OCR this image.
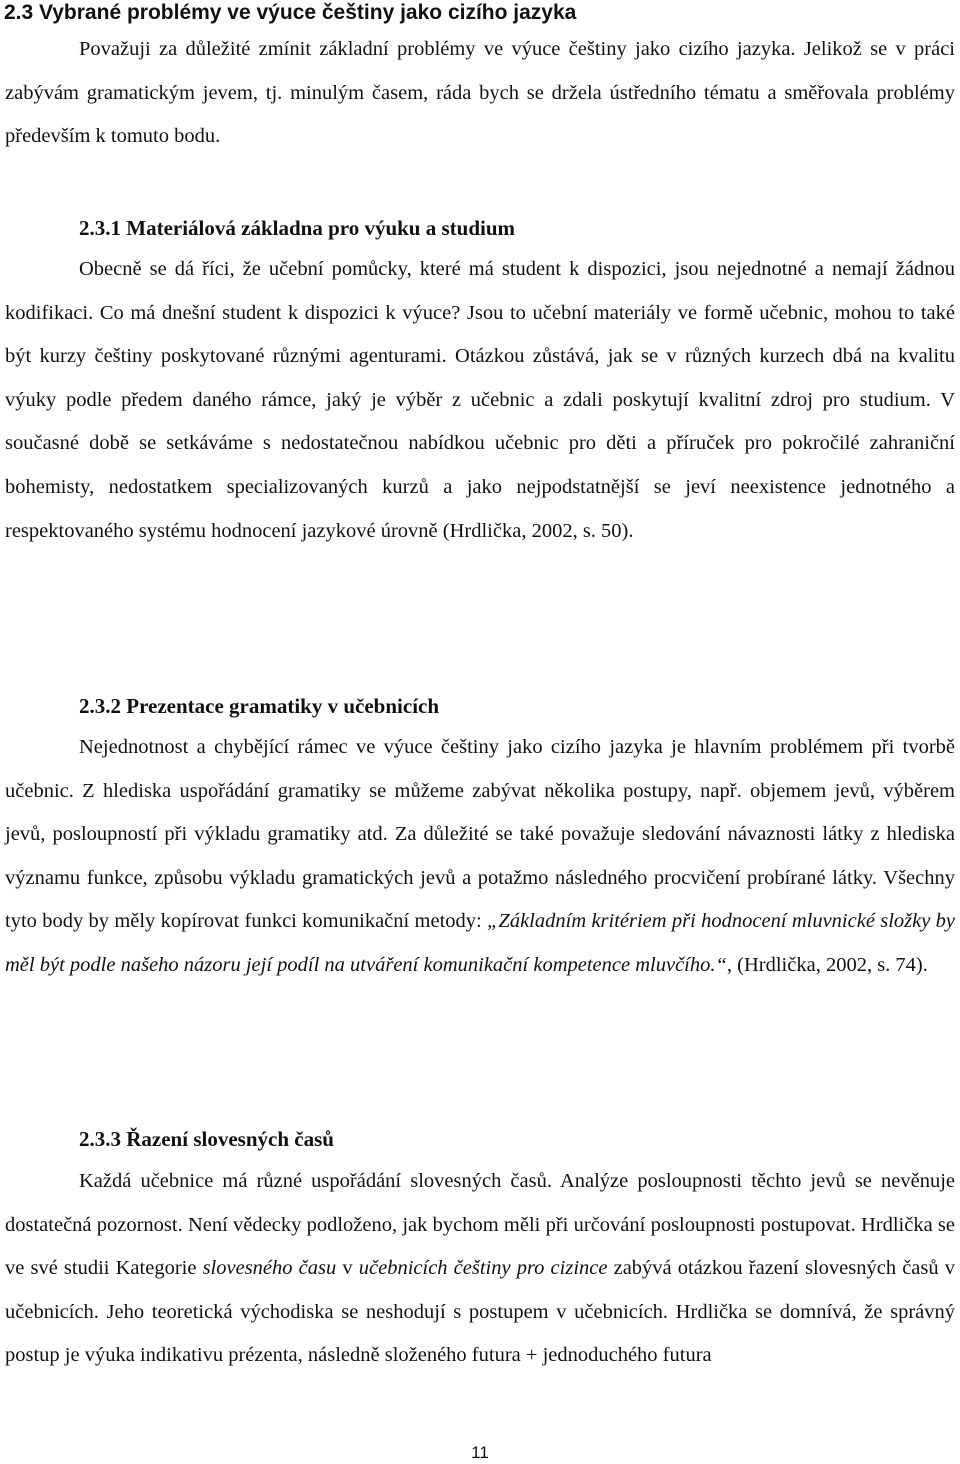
2.3 Vybrané problémy ve výuce češtiny jako cizího jazyka

Považuji za důležité zmínit základní problémy ve výuce češtiny jako cizího jazyka. Jelikož se v práci zabývám gramatickým jevem, tj. minulým časem, ráda bych se držela ústředního tématu a směřovala problémy především k tomuto bodu.

2.3.1 Materiálová základna pro výuku a studium

Obecně se dá říci, že učební pomůcky, které má student k dispozici, jsou nejednotné a nemají žádnou kodifikaci. Co má dnešní student k dispozici k výuce? Jsou to učební materiály ve formě učebnic, mohou to také být kurzy češtiny poskytované různými agenturami. Otázkou zůstává, jak se v různých kurzech dbá na kvalitu výuky podle předem daného rámce, jaký je výběr z učebnic a zdali poskytují kvalitní zdroj pro studium. V současné době se setkáváme s nedostatečnou nabídkou učebnic pro děti a příruček pro pokročilé zahraniční bohemisty, nedostatkem specializovaných kurzů a jako nejpodstatnější se jeví neexistence jednotného a respektovaného systému hodnocení jazykové úrovně (Hrdlička, 2002, s. 50).

2.3.2 Prezentace gramatiky v učebnicích

Nejednotnost a chybějící rámec ve výuce češtiny jako cizího jazyka je hlavním problémem při tvorbě učebnic. Z hlediska uspořádání gramatiky se můžeme zabývat několika postupy, např. objemem jevů, výběrem jevů, posloupností při výkladu gramatiky atd. Za důležité se také považuje sledování návaznosti látky z hlediska významu funkce, způsobu výkladu gramatických jevů a potažmo následného procvičení probírané látky. Všechny tyto body by měly kopírovat funkci komunikační metody: „Základním kritériem při hodnocení mluvnické složky by měl být podle našeho názoru její podíl na utváření komunikační kompetence mluvčího.“, (Hrdlička, 2002, s. 74).

2.3.3 Řazení slovesných časů

Každá učebnice má různé uspořádání slovesných časů. Analýze posloupnosti těchto jevů se nevěnuje dostatečná pozornost. Není vědecky podloženo, jak bychom měli při určování posloupnosti postupovat. Hrdlička se ve své studii Kategorie slovesného času v učebnicích češtiny pro cizince zabývá otázkou řazení slovesných časů v učebnicích. Jeho teoretická východiska se neshodují s postupem v učebnicích. Hrdlička se domnívá, že správný postup je výuka indikativu prézenta, následně složeného futura + jednoduchého futura

11
